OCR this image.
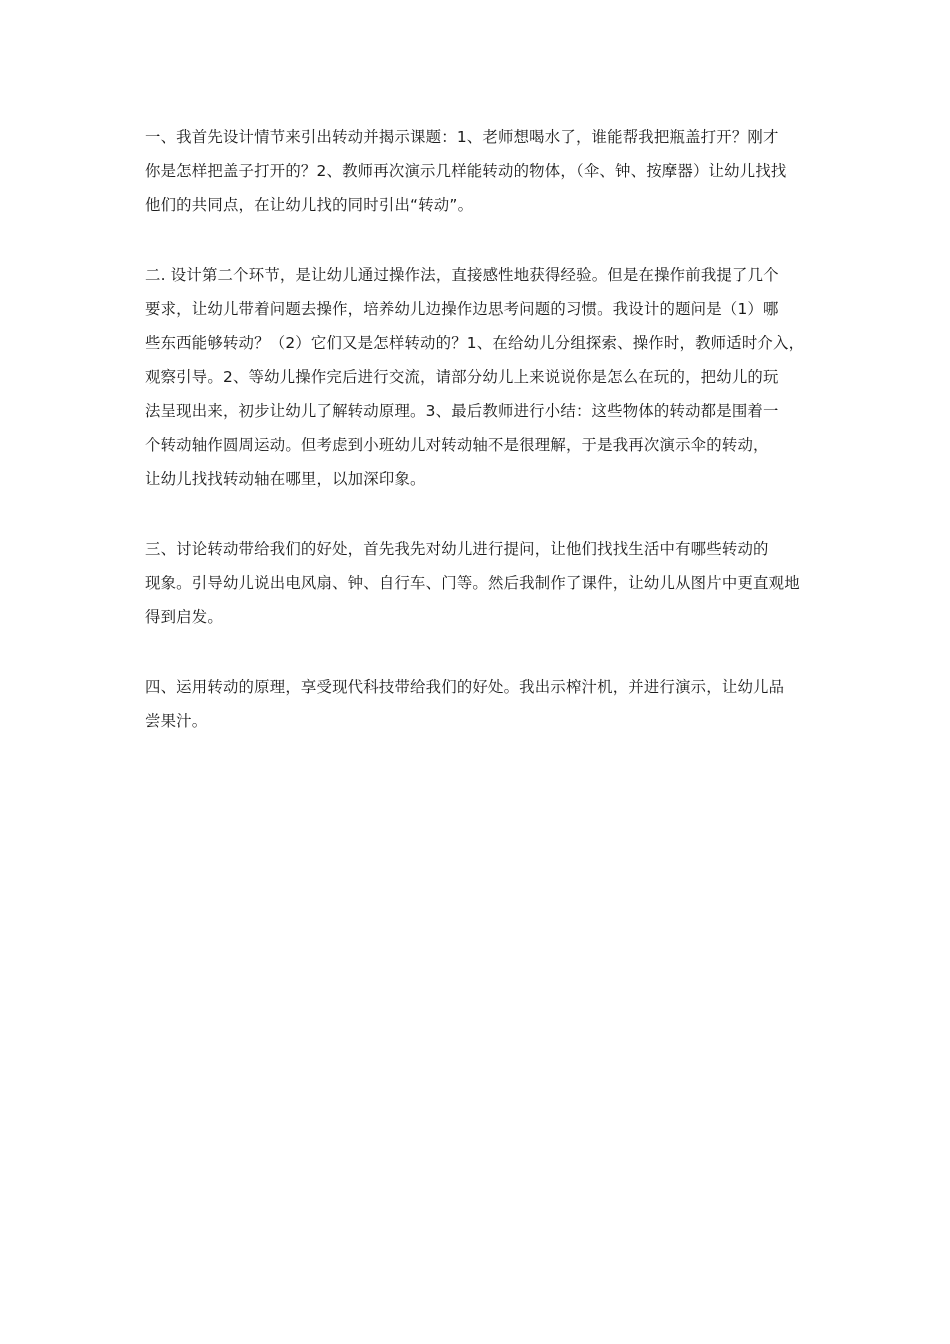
一、我首先设计情节来引出转动并揭示课题：1、老师想喝水了，谁能帮我把瓶盖打开？刚才
你是怎样把盖子打开的？2、教师再次演示几样能转动的物体，（伞、钟、按摩器）让幼儿找找
他们的共同点，在让幼儿找的同时引出“转动”。

二. 设计第二个环节，是让幼儿通过操作法，直接感性地获得经验。但是在操作前我提了几个
要求，让幼儿带着问题去操作，培养幼儿边操作边思考问题的习惯。我设计的题问是（1）哪
些东西能够转动？（2）它们又是怎样转动的？1、在给幼儿分组探索、操作时，教师适时介入，
观察引导。2、等幼儿操作完后进行交流，请部分幼儿上来说说你是怎么在玩的，把幼儿的玩
法呈现出来，初步让幼儿了解转动原理。3、最后教师进行小结：这些物体的转动都是围着一
个转动轴作圆周运动。但考虑到小班幼儿对转动轴不是很理解，于是我再次演示伞的转动，
让幼儿找找转动轴在哪里，以加深印象。

三、讨论转动带给我们的好处，首先我先对幼儿进行提问，让他们找找生活中有哪些转动的
现象。引导幼儿说出电风扇、钟、自行车、门等。然后我制作了课件，让幼儿从图片中更直观地
得到启发。

四、运用转动的原理，享受现代科技带给我们的好处。我出示榨汁机，并进行演示，让幼儿品
尝果汁。
